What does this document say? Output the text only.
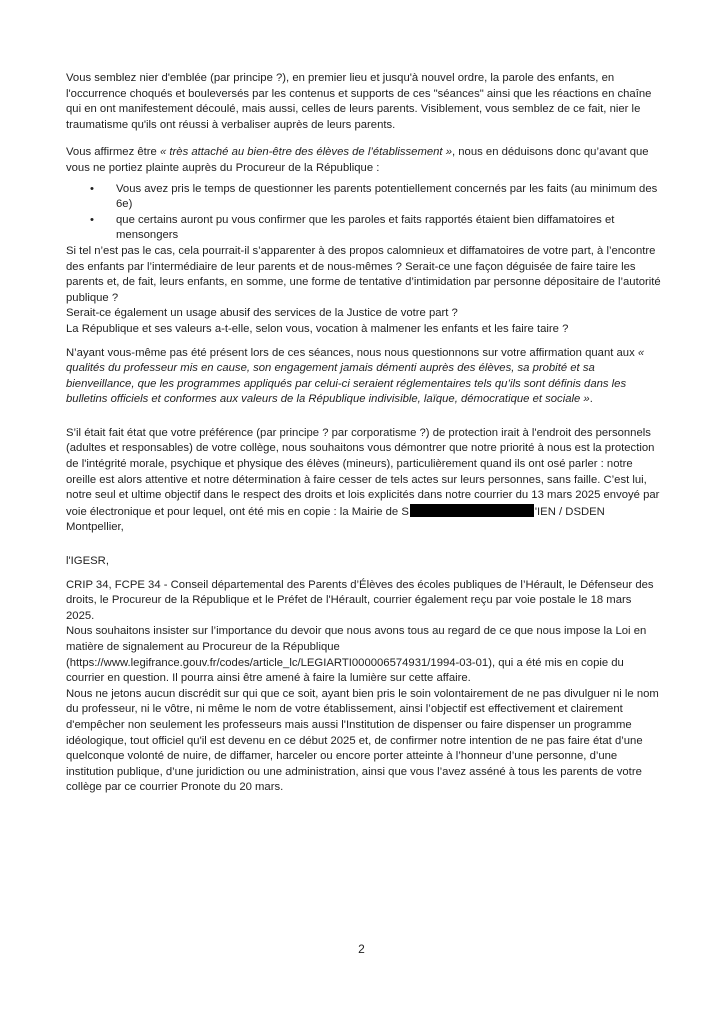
Vous semblez nier d'emblée (par principe ?), en premier lieu et jusqu'à nouvel ordre, la parole des enfants, en l'occurrence choqués et bouleversés par les contenus et supports de ces "séances" ainsi que les réactions en chaîne qui en ont manifestement découlé, mais aussi, celles de leurs parents. Visiblement, vous semblez de ce fait, nier le traumatisme qu'ils ont réussi à verbaliser auprès de leurs parents.

Vous affirmez être « très attaché au bien-être des élèves de l’établissement », nous en déduisons donc qu’avant que vous ne portiez plainte auprès du Procureur de la République :

• Vous avez pris le temps de questionner les parents potentiellement concernés par les faits (au minimum des 6e)
• que certains auront pu vous confirmer que les paroles et faits rapportés étaient bien diffamatoires et mensongers

Si tel n’est pas le cas, cela pourrait-il s’apparenter à des propos calomnieux et diffamatoires de votre part, à l’encontre des enfants par l’intermédiaire de leur parents et de nous-mêmes ? Serait-ce une façon déguisée de faire taire les parents et, de fait, leurs enfants, en somme, une forme de tentative d’intimidation par personne dépositaire de l’autorité publique ?

Serait-ce également un usage abusif des services de la Justice de votre part ?

La République et ses valeurs a-t-elle, selon vous, vocation à malmener les enfants et les faire taire ?

N’ayant vous-même pas été présent lors de ces séances, nous nous questionnons sur votre affirmation quant aux « qualités du professeur mis en cause, son engagement jamais démenti auprès des élèves, sa probité et sa bienveillance, que les programmes appliqués par celui-ci seraient réglementaires tels qu’ils sont définis dans les bulletins officiels et conformes aux valeurs de la République indivisible, laïque, démocratique et sociale ».

S’il était fait état que votre préférence (par principe ? par corporatisme ?) de protection irait à l'endroit des personnels (adultes et responsables) de votre collège, nous souhaitons vous démontrer que notre priorité à nous est la protection de l'intégrité morale, psychique et physique des élèves (mineurs), particulièrement quand ils ont osé parler : notre oreille est alors attentive et notre détermination à faire cesser de tels actes sur leurs personnes, sans faille. C’est lui, notre seul et ultime objectif dans le respect des droits et lois explicités dans notre courrier du 13 mars 2025 envoyé par voie électronique et pour lequel, ont été mis en copie : la Mairie de S	'IEN / DSDEN Montpellier,

l'IGESR,

CRIP 34, FCPE 34 - Conseil départemental des Parents d’Élèves des écoles publiques de l’Hérault, le Défenseur des droits, le Procureur de la République et le Préfet de l'Hérault, courrier également reçu par voie postale le 18 mars 2025.

Nous souhaitons insister sur l’importance du devoir que nous avons tous au regard de ce que nous impose la Loi en matière de signalement au Procureur de la République (https://www.legifrance.gouv.fr/codes/article_lc/LEGIARTI000006574931/1994-03-01), qui a été mis en copie du courrier en question. Il pourra ainsi être amené à faire la lumière sur cette affaire.

Nous ne jetons aucun discrédit sur qui que ce soit, ayant bien pris le soin volontairement de ne pas divulguer ni le nom du professeur, ni le vôtre, ni même le nom de votre établissement, ainsi l’objectif est effectivement et clairement d'empêcher non seulement les professeurs mais aussi l'Institution de dispenser ou faire dispenser un programme idéologique, tout officiel qu'il est devenu en ce début 2025 et, de confirmer notre intention de ne pas faire état d’une quelconque volonté de nuire, de diffamer, harceler ou encore porter atteinte à l’honneur d’une personne, d’une institution publique, d’une juridiction ou une administration, ainsi que vous l’avez asséné à tous les parents de votre collège par ce courrier Pronote du 20 mars.

2
